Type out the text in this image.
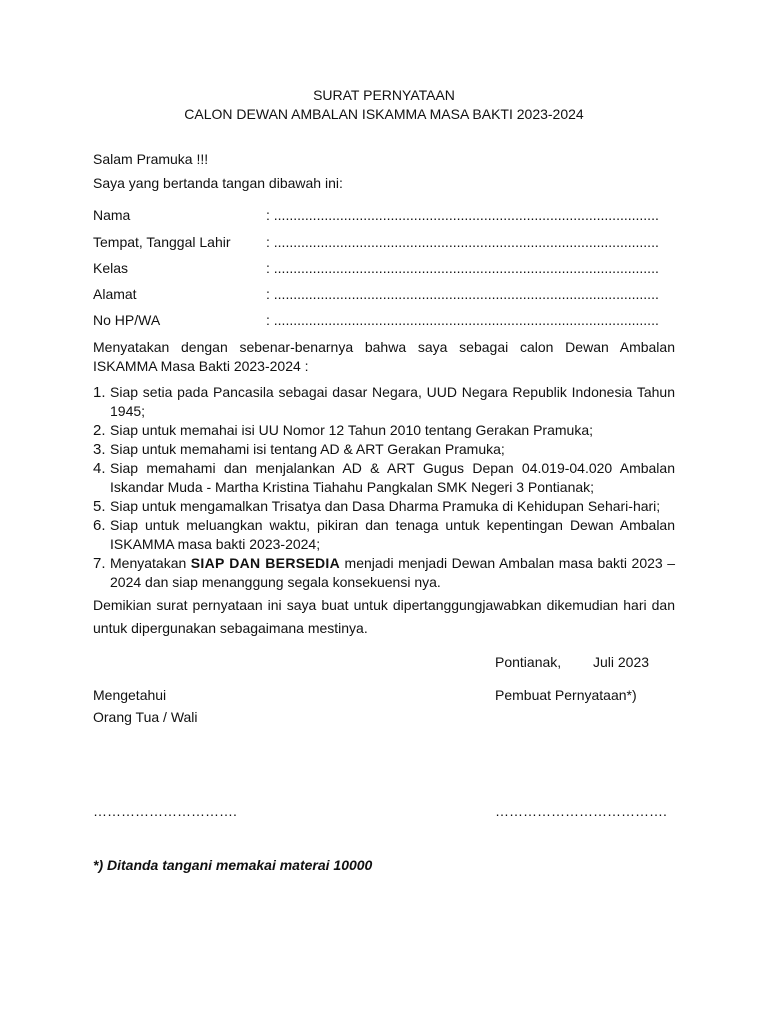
SURAT PERNYATAAN
CALON DEWAN AMBALAN ISKAMMA MASA BAKTI 2023-2024
Salam Pramuka !!!
Saya yang bertanda tangan dibawah ini:
Nama	: ...................................................................................................
Tempat, Tanggal Lahir	: ...................................................................................................
Kelas	: ...................................................................................................
Alamat	: ...................................................................................................
No HP/WA	: ...................................................................................................
Menyatakan dengan sebenar-benarnya bahwa saya sebagai calon Dewan Ambalan ISKAMMA Masa Bakti 2023-2024 :
1. Siap setia pada Pancasila sebagai dasar Negara, UUD Negara Republik Indonesia Tahun 1945;
2. Siap untuk memahai isi UU Nomor 12 Tahun 2010 tentang Gerakan Pramuka;
3. Siap untuk memahami isi tentang AD & ART Gerakan Pramuka;
4. Siap memahami dan menjalankan AD & ART Gugus Depan 04.019-04.020 Ambalan Iskandar Muda - Martha Kristina Tiahahu Pangkalan SMK Negeri 3 Pontianak;
5. Siap untuk mengamalkan Trisatya dan Dasa Dharma Pramuka di Kehidupan Sehari-hari;
6. Siap untuk meluangkan waktu, pikiran dan tenaga untuk kepentingan Dewan Ambalan ISKAMMA masa bakti 2023-2024;
7. Menyatakan SIAP DAN BERSEDIA menjadi menjadi Dewan Ambalan masa bakti 2023 – 2024 dan siap menanggung segala konsekuensi nya.
Demikian surat pernyataan ini saya buat untuk dipertanggungjawabkan dikemudian hari dan untuk dipergunakan sebagaimana mestinya.
Pontianak, Juli 2023
Mengetahui
Orang Tua / Wali
Pembuat Pernyataan*)
………………………….	……………………………….
*) Ditanda tangani memakai materai 10000
